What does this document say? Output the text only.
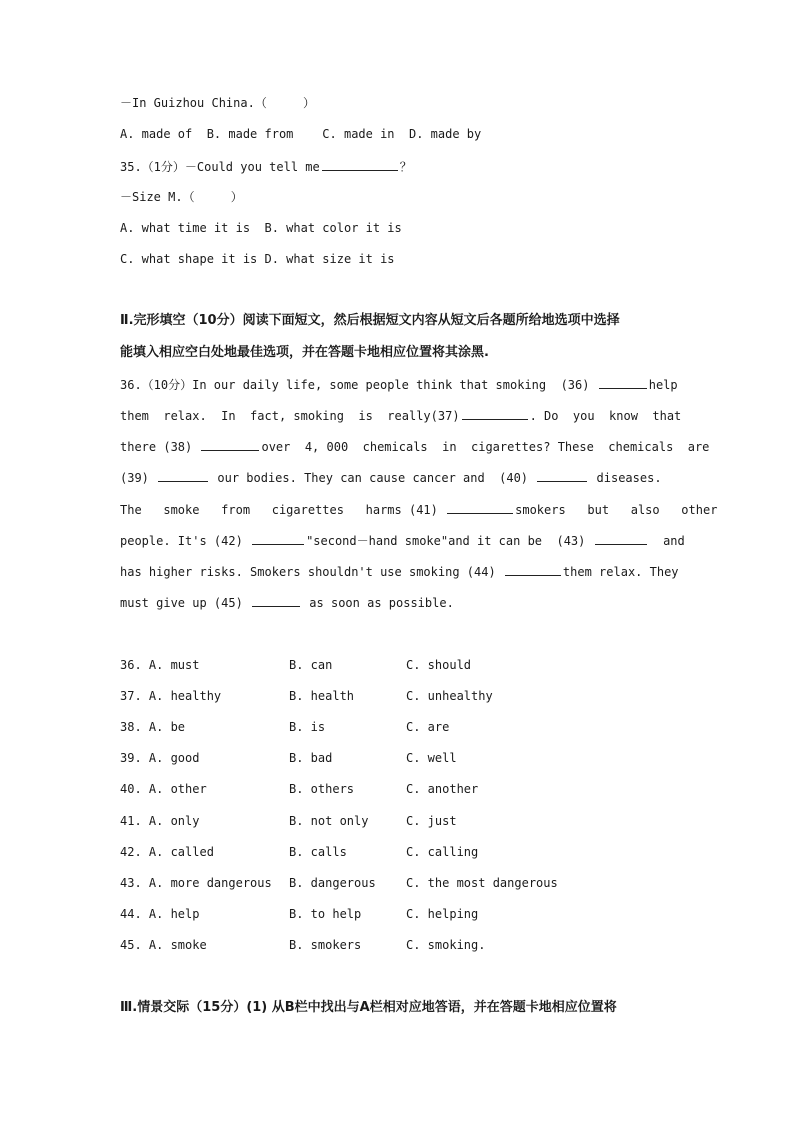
－In Guizhou China.（     ）
A. made of  B. made from    C. made in  D. made by
35.（1分）－Could you tell me	？
－Size M.（     ）
A. what time it is  B. what color it is
C. what shape it is D. what size it is
Ⅱ.完形填空（10分）阅读下面短文，然后根据短文内容从短文后各题所给地选项中选择
能填入相应空白处地最佳选项，并在答题卡地相应位置将其涂黑.
36.（10分）In our daily life, some people think that smoking  (36)	help
them  relax.  In  fact, smoking  is  really(37)	. Do  you  know  that
there (38)	over  4, 000  chemicals  in  cigarettes? These  chemicals  are
(39)	our bodies. They can cause cancer and  (40)	diseases.
The   smoke   from   cigarettes   harms (41)	smokers   but   also   other
people. It's (42)	"second－hand smoke"and it can be  (43)	and
has higher risks. Smokers shouldn't use smoking (44)	them relax. They
must give up (45)	as soon as possible.
36. A. must	B. can	C. should
37. A. healthy	B. health	C. unhealthy
38. A. be	B. is	C. are
39. A. good	B. bad	C. well
40. A. other	B. others	C. another
41. A. only	B. not only	C. just
42. A. called	B. calls	C. calling
43. A. more dangerous B. dangerous	C. the most dangerous
44. A. help	B. to help	C. helping
45. A. smoke	B. smokers	C. smoking.
Ⅲ.情景交际（15分）(1) 从B栏中找出与A栏相对应地答语，并在答题卡地相应位置将
